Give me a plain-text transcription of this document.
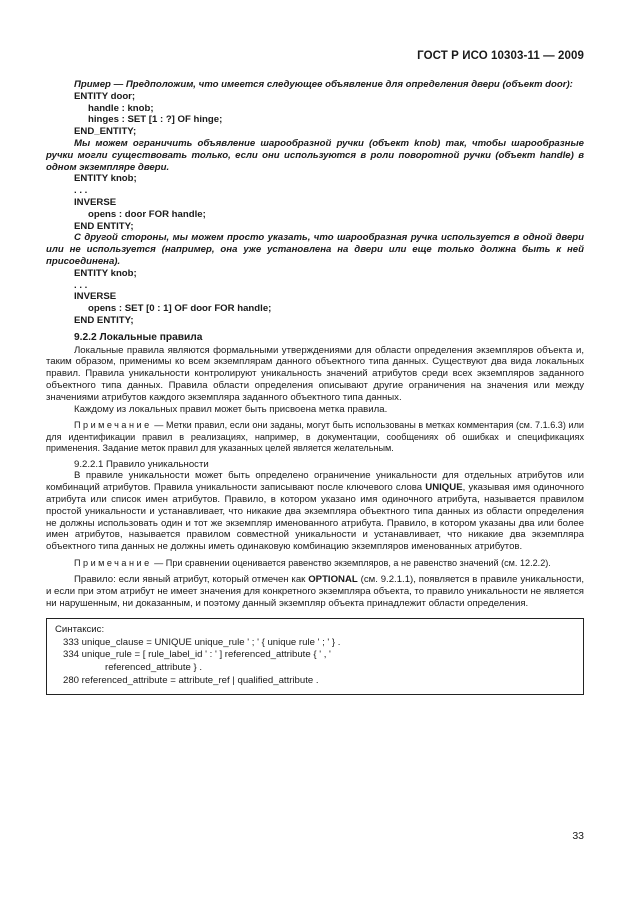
ГОСТ Р ИСО 10303-11 — 2009

Пример — Предположим, что имеется следующее объявление для определения двери (объект door):

ENTITY door;

handle : knob;

hinges : SET [1 : ?] OF hinge;

END_ENTITY;

Мы можем ограничить объявление шарообразной ручки (объект knob) так, чтобы шарообразные ручки могли существовать только, если они используются в роли поворотной ручки (объект handle) в одном экземпляре двери.

ENTITY knob;

. . .

INVERSE

opens : door FOR handle;

END ENTITY;

С другой стороны, мы можем просто указать, что шарообразная ручка используется в одной двери или не используется (например, она уже установлена на двери или еще только должна быть к ней присоединена).

ENTITY knob;

. . .

INVERSE

opens : SET [0 : 1] OF door FOR handle;

END ENTITY;

9.2.2 Локальные правила

Локальные правила являются формальными утверждениями для области определения экземпляров объекта и, таким образом, применимы ко всем экземплярам данного объектного типа данных. Существуют два вида локальных правил. Правила уникальности контролируют уникальность значений атрибутов среди всех экземпляров заданного объектного типа данных. Правила области определения описывают другие ограничения на значения или между значениями атрибутов каждого экземпляра заданного объектного типа данных.

Каждому из локальных правил может быть присвоена метка правила.

Примечание — Метки правил, если они заданы, могут быть использованы в метках комментария (см. 7.1.6.3) или для идентификации правил в реализациях, например, в документации, сообщениях об ошибках и спецификациях применения. Задание меток правил для указанных целей является желательным.

9.2.2.1 Правило уникальности

В правиле уникальности может быть определено ограничение уникальности для отдельных атрибутов или комбинаций атрибутов. Правила уникальности записывают после ключевого слова UNIQUE, указывая имя одиночного атрибута или список имен атрибутов. Правило, в котором указано имя одиночного атрибута, называется правилом простой уникальности и устанавливает, что никакие два экземпляра объектного типа данных из области определения не должны использовать один и тот же экземпляр именованного атрибута. Правило, в котором указаны два или более имен атрибутов, называется правилом совместной уникальности и устанавливает, что никакие два экземпляра объектного типа данных не должны иметь одинаковую комбинацию экземпляров именованных атрибутов.

Примечание — При сравнении оценивается равенство экземпляров, а не равенство значений (см. 12.2.2).

Правило: если явный атрибут, который отмечен как OPTIONAL (см. 9.2.1.1), появляется в правиле уникальности, и если при этом атрибут не имеет значения для конкретного экземпляра объекта, то правило уникальности не является ни нарушенным, ни доказанным, и поэтому данный экземпляр объекта принадлежит области определения.

Синтаксис:
333 unique_clause = UNIQUE unique_rule ' ; ' { unique rule ' ; ' } .
334 unique_rule = [ rule_label_id ' : ' ] referenced_attribute { ' , '
referenced_attribute } .
280 referenced_attribute = attribute_ref | qualified_attribute .
33
